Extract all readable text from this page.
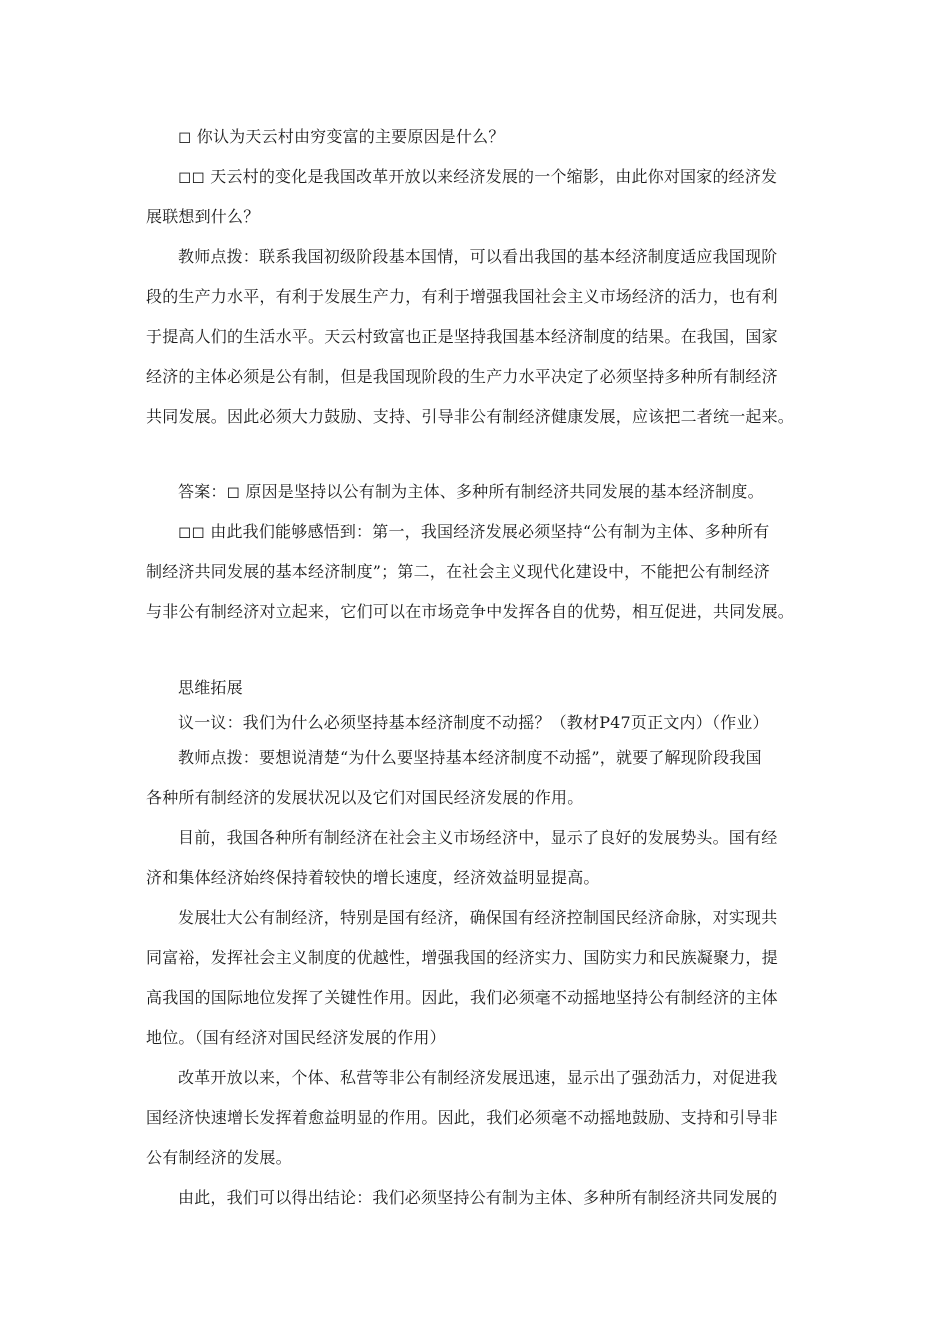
◻ 你认为天云村由穷变富的主要原因是什么？
◻◻ 天云村的变化是我国改革开放以来经济发展的一个缩影，由此你对国家的经济发
展联想到什么？
教师点拨：联系我国初级阶段基本国情，可以看出我国的基本经济制度适应我国现阶
段的生产力水平，有利于发展生产力，有利于增强我国社会主义市场经济的活力，也有利
于提高人们的生活水平。天云村致富也正是坚持我国基本经济制度的结果。在我国，国家
经济的主体必须是公有制，但是我国现阶段的生产力水平决定了必须坚持多种所有制经济
共同发展。因此必须大力鼓励、支持、引导非公有制经济健康发展，应该把二者统一起来。
答案：◻ 原因是坚持以公有制为主体、多种所有制经济共同发展的基本经济制度。
◻◻ 由此我们能够感悟到：第一，我国经济发展必须坚持“公有制为主体、多种所有
制经济共同发展的基本经济制度”；第二，在社会主义现代化建设中，不能把公有制经济
与非公有制经济对立起来，它们可以在市场竞争中发挥各自的优势，相互促进，共同发展。
思维拓展
议一议：我们为什么必须坚持基本经济制度不动摇？（教材P47页正文内）（作业）
教师点拨：要想说清楚“为什么要坚持基本经济制度不动摇”，就要了解现阶段我国
各种所有制经济的发展状况以及它们对国民经济发展的作用。
目前，我国各种所有制经济在社会主义市场经济中，显示了良好的发展势头。国有经
济和集体经济始终保持着较快的增长速度，经济效益明显提高。
发展壮大公有制经济，特别是国有经济，确保国有经济控制国民经济命脉，对实现共
同富裕，发挥社会主义制度的优越性，增强我国的经济实力、国防实力和民族凝聚力，提
高我国的国际地位发挥了关键性作用。因此，我们必须毫不动摇地坚持公有制经济的主体
地位。（国有经济对国民经济发展的作用）
改革开放以来，个体、私营等非公有制经济发展迅速，显示出了强劲活力，对促进我
国经济快速增长发挥着愈益明显的作用。因此，我们必须毫不动摇地鼓励、支持和引导非
公有制经济的发展。
由此，我们可以得出结论：我们必须坚持公有制为主体、多种所有制经济共同发展的
